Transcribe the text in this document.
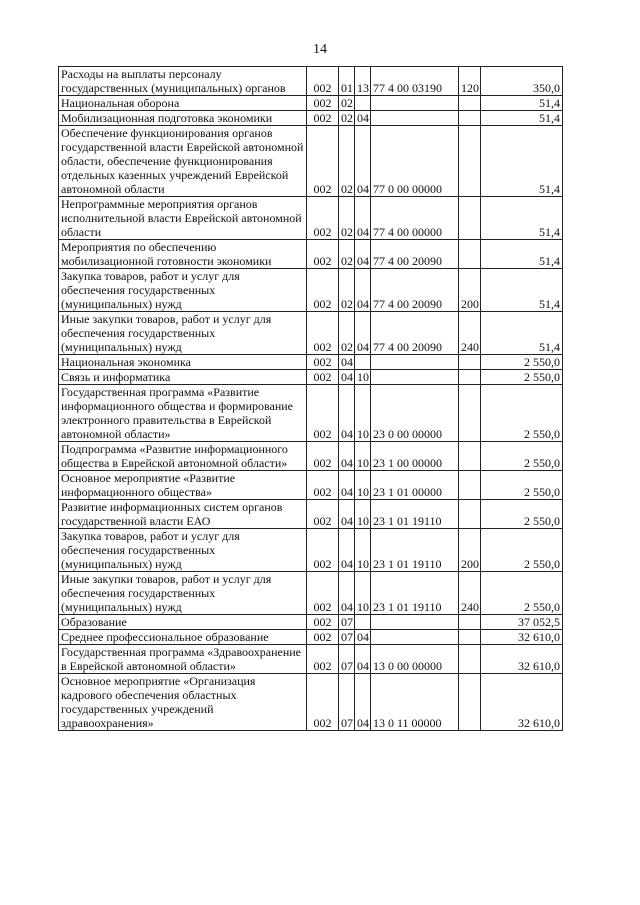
14
Расходы на выплаты персоналу государственных (муниципальных) органов	002	01	13	77 4 00 03190	120	350,0
Национальная оборона	002	02				51,4
Мобилизационная подготовка экономики	002	02	04			51,4
Обеспечение функционирования органов государственной власти Еврейской автономной области, обеспечение функционирования отдельных казенных учреждений Еврейской автономной области	002	02	04	77 0 00 00000		51,4
Непрограммные мероприятия органов исполнительной власти Еврейской автономной области	002	02	04	77 4 00 00000		51,4
Мероприятия по обеспечению мобилизационной готовности экономики	002	02	04	77 4 00 20090		51,4
Закупка товаров, работ и услуг для обеспечения государственных (муниципальных) нужд	002	02	04	77 4 00 20090	200	51,4
Иные закупки товаров, работ и услуг для обеспечения государственных (муниципальных) нужд	002	02	04	77 4 00 20090	240	51,4
Национальная экономика	002	04				2 550,0
Связь и информатика	002	04	10			2 550,0
Государственная программа «Развитие информационного общества и формирование электронного правительства в Еврейской автономной области»	002	04	10	23 0 00 00000		2 550,0
Подпрограмма «Развитие информационного общества в Еврейской автономной области»	002	04	10	23 1 00 00000		2 550,0
Основное мероприятие «Развитие информационного общества»	002	04	10	23 1 01 00000		2 550,0
Развитие информационных систем органов государственной власти ЕАО	002	04	10	23 1 01 19110		2 550,0
Закупка товаров, работ и услуг для обеспечения государственных (муниципальных) нужд	002	04	10	23 1 01 19110	200	2 550,0
Иные закупки товаров, работ и услуг для обеспечения государственных (муниципальных) нужд	002	04	10	23 1 01 19110	240	2 550,0
Образование	002	07				37 052,5
Среднее профессиональное образование	002	07	04			32 610,0
Государственная программа «Здравоохранение в Еврейской автономной области»	002	07	04	13 0 00 00000		32 610,0
Основное мероприятие «Организация кадрового обеспечения областных государственных учреждений здравоохранения»	002	07	04	13 0 11 00000		32 610,0
